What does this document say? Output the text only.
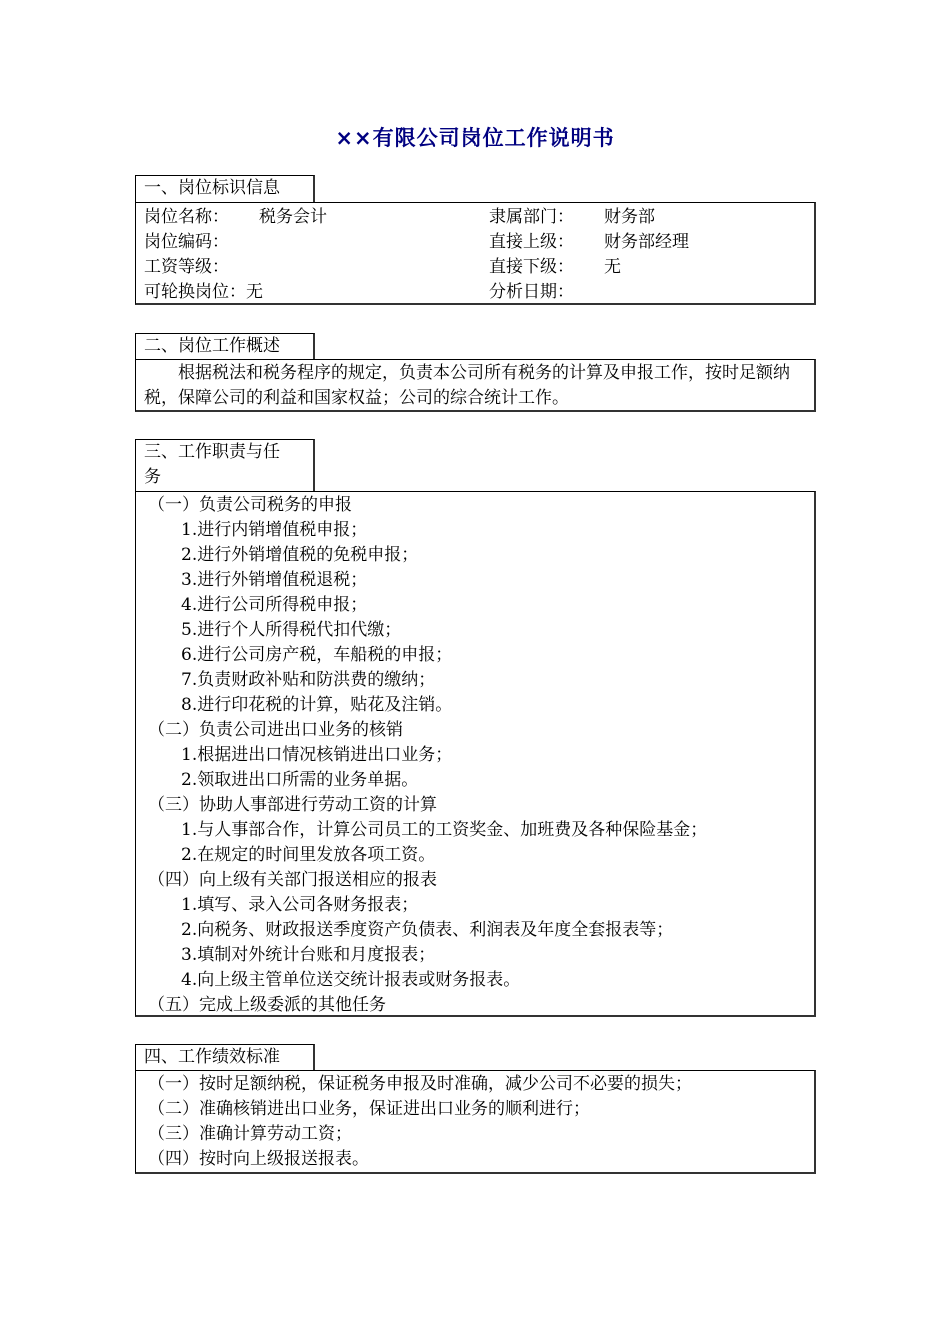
××有限公司岗位工作说明书
一、岗位标识信息
岗位名称： 税务会计	隶属部门： 财务部
岗位编码：	直接上级： 财务部经理
工资等级：	直接下级： 无
可轮换岗位：无	分析日期：
二、岗位工作概述
根据税法和税务程序的规定，负责本公司所有税务的计算及申报工作，按时足额纳税，保障公司的利益和国家权益；公司的综合统计工作。
三、工作职责与任
务
（一）负责公司税务的申报
1.进行内销增值税申报；
2.进行外销增值税的免税申报；
3.进行外销增值税退税；
4.进行公司所得税申报；
5.进行个人所得税代扣代缴；
6.进行公司房产税，车船税的申报；
7.负责财政补贴和防洪费的缴纳；
8.进行印花税的计算，贴花及注销。
（二）负责公司进出口业务的核销
1.根据进出口情况核销进出口业务；
2.领取进出口所需的业务单据。
（三）协助人事部进行劳动工资的计算
1.与人事部合作，计算公司员工的工资奖金、加班费及各种保险基金；
2.在规定的时间里发放各项工资。
（四）向上级有关部门报送相应的报表
1.填写、录入公司各财务报表；
2.向税务、财政报送季度资产负债表、利润表及年度全套报表等；
3.填制对外统计台账和月度报表；
4.向上级主管单位送交统计报表或财务报表。
（五）完成上级委派的其他任务
四、工作绩效标准
（一）按时足额纳税，保证税务申报及时准确，减少公司不必要的损失；
（二）准确核销进出口业务，保证进出口业务的顺利进行；
（三）准确计算劳动工资；
（四）按时向上级报送报表。
